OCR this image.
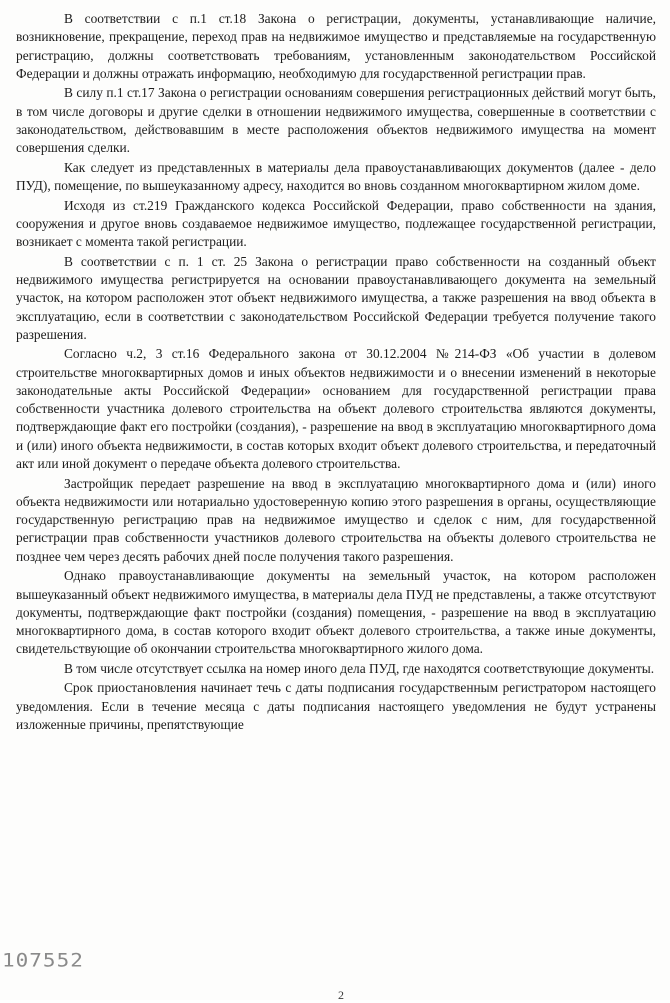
В соответствии с п.1 ст.18 Закона о регистрации, документы, устанавливающие наличие, возникновение, прекращение, переход прав на недвижимое имущество и представляемые на государственную регистрацию, должны соответствовать требованиям, установленным законодательством Российской Федерации и должны отражать информацию, необходимую для государственной регистрации прав.

В силу п.1 ст.17 Закона о регистрации основаниям совершения регистрационных действий могут быть, в том числе договоры и другие сделки в отношении недвижимого имущества, совершенные в соответствии с законодательством, действовавшим в месте расположения объектов недвижимого имущества на момент совершения сделки.

Как следует из представленных в материалы дела правоустанавливающих документов (далее - дело ПУД), помещение, по вышеуказанному адресу, находится во вновь созданном многоквартирном жилом доме.

Исходя из ст.219 Гражданского кодекса Российской Федерации, право собственности на здания, сооружения и другое вновь создаваемое недвижимое имущество, подлежащее государственной регистрации, возникает с момента такой регистрации.

В соответствии с п. 1 ст. 25 Закона о регистрации право собственности на созданный объект недвижимого имущества регистрируется на основании правоустанавливающего документа на земельный участок, на котором расположен этот объект недвижимого имущества, а также разрешения на ввод объекта в эксплуатацию, если в соответствии с законодательством Российской Федерации требуется получение такого разрешения.

Согласно ч.2, 3 ст.16 Федерального закона от 30.12.2004 №214-ФЗ «Об участии в долевом строительстве многоквартирных домов и иных объектов недвижимости и о внесении изменений в некоторые законодательные акты Российской Федерации» основанием для государственной регистрации права собственности участника долевого строительства на объект долевого строительства являются документы, подтверждающие факт его постройки (создания), - разрешение на ввод в эксплуатацию многоквартирного дома и (или) иного объекта недвижимости, в состав которых входит объект долевого строительства, и передаточный акт или иной документ о передаче объекта долевого строительства.

Застройщик передает разрешение на ввод в эксплуатацию многоквартирного дома и (или) иного объекта недвижимости или нотариально удостоверенную копию этого разрешения в органы, осуществляющие государственную регистрацию прав на недвижимое имущество и сделок с ним, для государственной регистрации прав собственности участников долевого строительства на объекты долевого строительства не позднее чем через десять рабочих дней после получения такого разрешения.

Однако правоустанавливающие документы на земельный участок, на котором расположен вышеуказанный объект недвижимого имущества, в материалы дела ПУД не представлены, а также отсутствуют документы, подтверждающие факт постройки (создания) помещения, - разрешение на ввод в эксплуатацию многоквартирного дома, в состав которого входит объект долевого строительства, а также иные документы, свидетельствующие об окончании строительства многоквартирного жилого дома.

В том числе отсутствует ссылка на номер иного дела ПУД, где находятся соответствующие документы.

Срок приостановления начинает течь с даты подписания государственным регистратором настоящего уведомления. Если в течение месяца с даты подписания настоящего уведомления не будут устранены изложенные причины, препятствующие

107552
2
